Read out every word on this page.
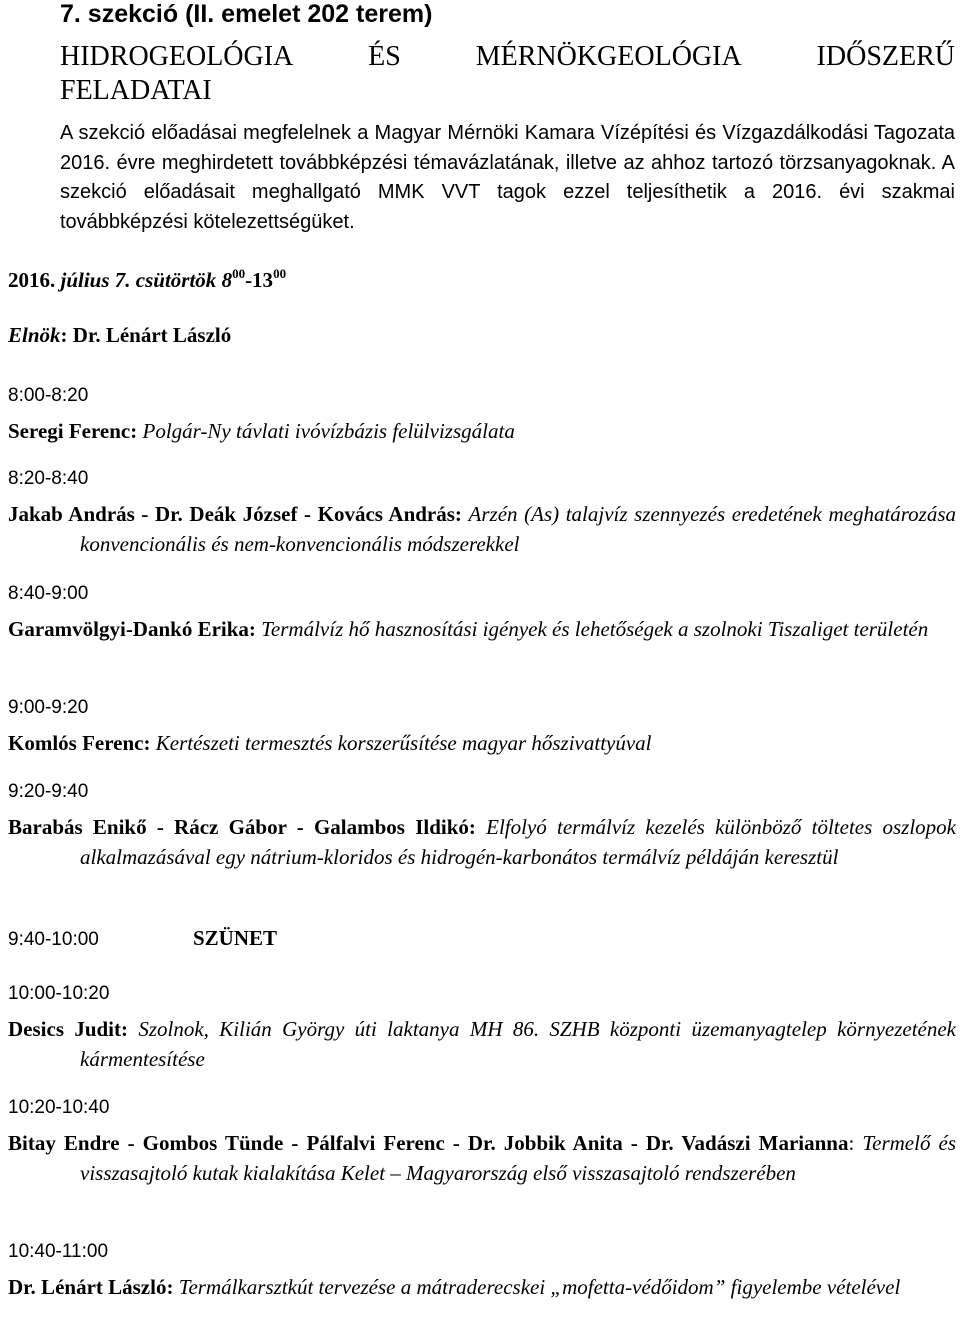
7. szekció (II. emelet 202 terem)
HIDROGEOLÓGIA	ÉS	MÉRNÖKGEOLÓGIA	IDŐSZERŰ
FELADATAI
A szekció előadásai megfelelnek a Magyar Mérnöki Kamara Vízépítési és Vízgazdálkodási Tagozata 2016. évre meghirdetett továbbképzési témavázlatának, illetve az ahhoz tartozó törzsanyagoknak. A szekció előadásait meghallgató MMK VVT tagok ezzel teljesíthetik a 2016. évi szakmai továbbképzési kötelezettségüket.
2016. július 7. csütörtök $8^{00}-13^{00}$
Elnök: Dr. Lénárt László
8:00-8:20
Seregi Ferenc: Polgár-Ny távlati ivóvízbázis felülvizsgálata
8:20-8:40
Jakab András - Dr. Deák József - Kovács András: Arzén (As) talajvíz szennyezés eredetének meghatározása konvencionális és nem-konvencionális módszerekkel
8:40-9:00
Garamvölgyi-Dankó Erika: Termálvíz hő hasznosítási igények és lehetőségek a szolnoki Tiszaliget területén
9:00-9:20
Komlós Ferenc: Kertészeti termesztés korszerűsítése magyar hőszivattyúval
9:20-9:40
Barabás Enikő - Rácz Gábor - Galambos Ildikó: Elfolyó termálvíz kezelés különböző töltetes oszlopok alkalmazásával egy nátrium-kloridos és hidrogén-karbonátos termálvíz példáján keresztül
9:40-10:00	SZÜNET
10:00-10:20
Desics Judit: Szolnok, Kilián György úti laktanya MH 86. SZHB központi üzemanyagtelep környezetének kármentesítése
10:20-10:40
Bitay Endre - Gombos Tünde - Pálfalvi Ferenc - Dr. Jobbik Anita - Dr. Vadászi Marianna: Termelő és visszasajtoló kutak kialakítása Kelet – Magyarország első visszasajtoló rendszerében
10:40-11:00
Dr. Lénárt László: Termálkarsztkút tervezése a mátraderecskei „mofetta-védőidom” figyelembe vételével
